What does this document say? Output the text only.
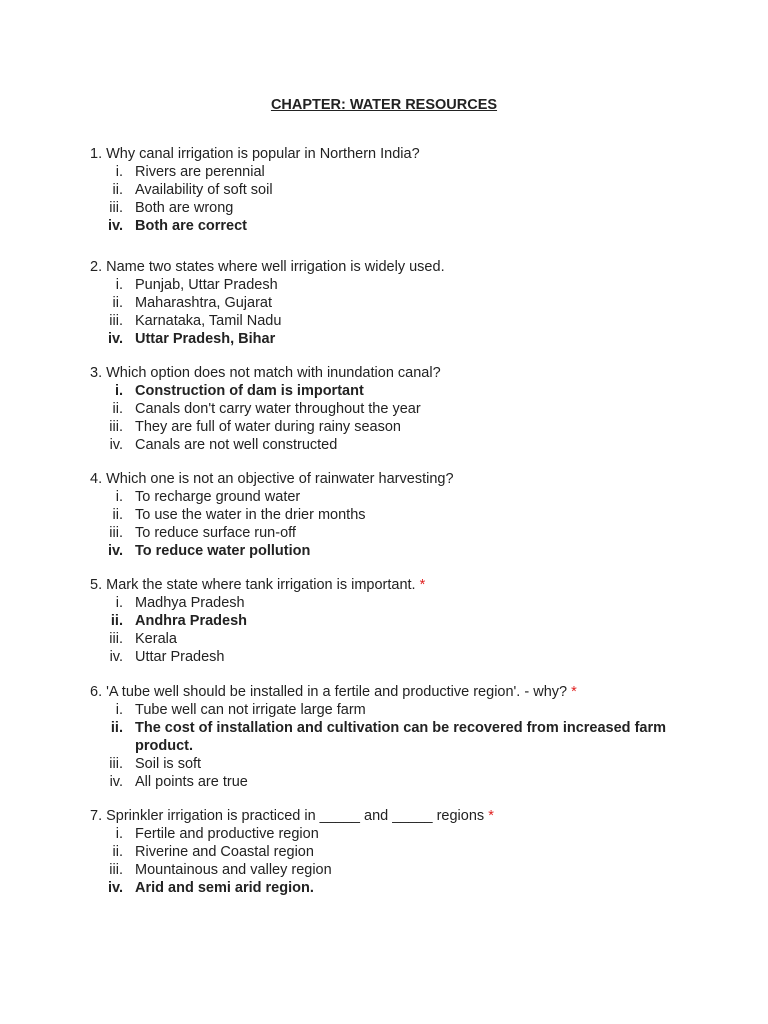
CHAPTER: WATER RESOURCES
1. Why canal irrigation is popular in Northern India?
i. Rivers are perennial
ii. Availability of soft soil
iii. Both are wrong
iv. Both are correct
2. Name two states where well irrigation is widely used.
i. Punjab, Uttar Pradesh
ii. Maharashtra, Gujarat
iii. Karnataka, Tamil Nadu
iv. Uttar Pradesh, Bihar
3. Which option does not match with inundation canal?
i. Construction of dam is important
ii. Canals don't carry water throughout the year
iii. They are full of water during rainy season
iv. Canals are not well constructed
4. Which one is not an objective of rainwater harvesting?
i. To recharge ground water
ii. To use the water in the drier months
iii. To reduce surface run-off
iv. To reduce water pollution
5. Mark the state where tank irrigation is important. *
i. Madhya Pradesh
ii. Andhra Pradesh
iii. Kerala
iv. Uttar Pradesh
6. 'A tube well should be installed in a fertile and productive region'. - why? *
i. Tube well can not irrigate large farm
ii. The cost of installation and cultivation can be recovered from increased farm product.
iii. Soil is soft
iv. All points are true
7. Sprinkler irrigation is practiced in _____ and _____ regions *
i. Fertile and productive region
ii. Riverine and Coastal region
iii. Mountainous and valley region
iv. Arid and semi arid region.
